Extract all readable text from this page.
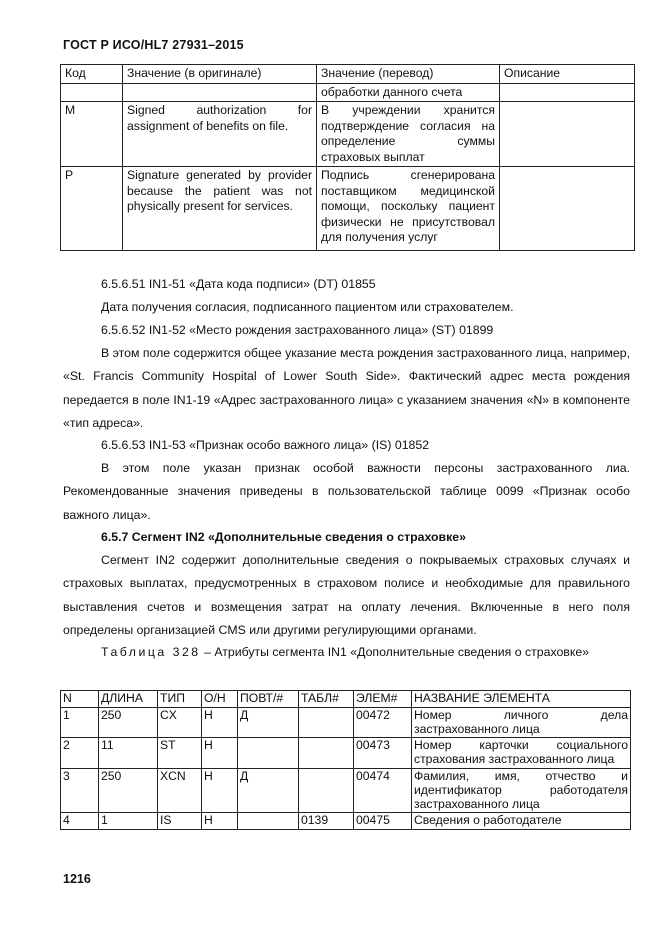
ГОСТ Р ИСО/HL7 27931–2015
Код	Значение (в оригинале)	Значение (перевод)	Описание
		обработки данного счета	
M	Signed authorization for assignment of benefits on file.	В учреждении хранится подтверждение согласия на определение суммы страховых выплат	
P	Signature generated by provider because the patient was not physically present for services.	Подпись сгенерирована поставщиком медицинской помощи, поскольку пациент физически не присутствовал для получения услуг	
6.5.6.51 IN1-51 «Дата кода подписи» (DT) 01855
Дата получения согласия, подписанного пациентом или страхователем.
6.5.6.52 IN1-52 «Место рождения застрахованного лица» (ST) 01899
В этом поле содержится общее указание места рождения застрахованного лица, например, «St. Francis Community Hospital of Lower South Side». Фактический адрес места рождения передается в поле IN1-19 «Адрес застрахованного лица» с указанием значения «N» в компоненте «тип адреса».
6.5.6.53 IN1-53 «Признак особо важного лица» (IS) 01852
В этом поле указан признак особой важности персоны застрахованного лиа. Рекомендованные значения приведены в пользовательской таблице 0099 «Признак особо важного лица».
6.5.7 Сегмент IN2 «Дополнительные сведения о страховке»
Сегмент IN2 содержит дополнительные сведения о покрываемых страховых случаях и страховых выплатах, предусмотренных в страховом полисе и необходимые для правильного выставления счетов и возмещения затрат на оплату лечения. Включенные в него поля определены организацией CMS или другими регулирующими органами.
Таблица 328 – Атрибуты сегмента IN1 «Дополнительные сведения о страховке»
N	ДЛИНА	ТИП	О/Н	ПОВТ/#	ТАБЛ#	ЭЛЕМ#	НАЗВАНИЕ ЭЛЕМЕНТА
1	250	CX	Н	Д		00472	Номер личного дела застрахованного лица
2	11	ST	Н			00473	Номер карточки социального страхования застрахованного лица
3	250	XCN	Н	Д		00474	Фамилия, имя, отчество и идентификатор работодателя застрахованного лица
4	1	IS	Н		0139	00475	Сведения о работодателе
1216
